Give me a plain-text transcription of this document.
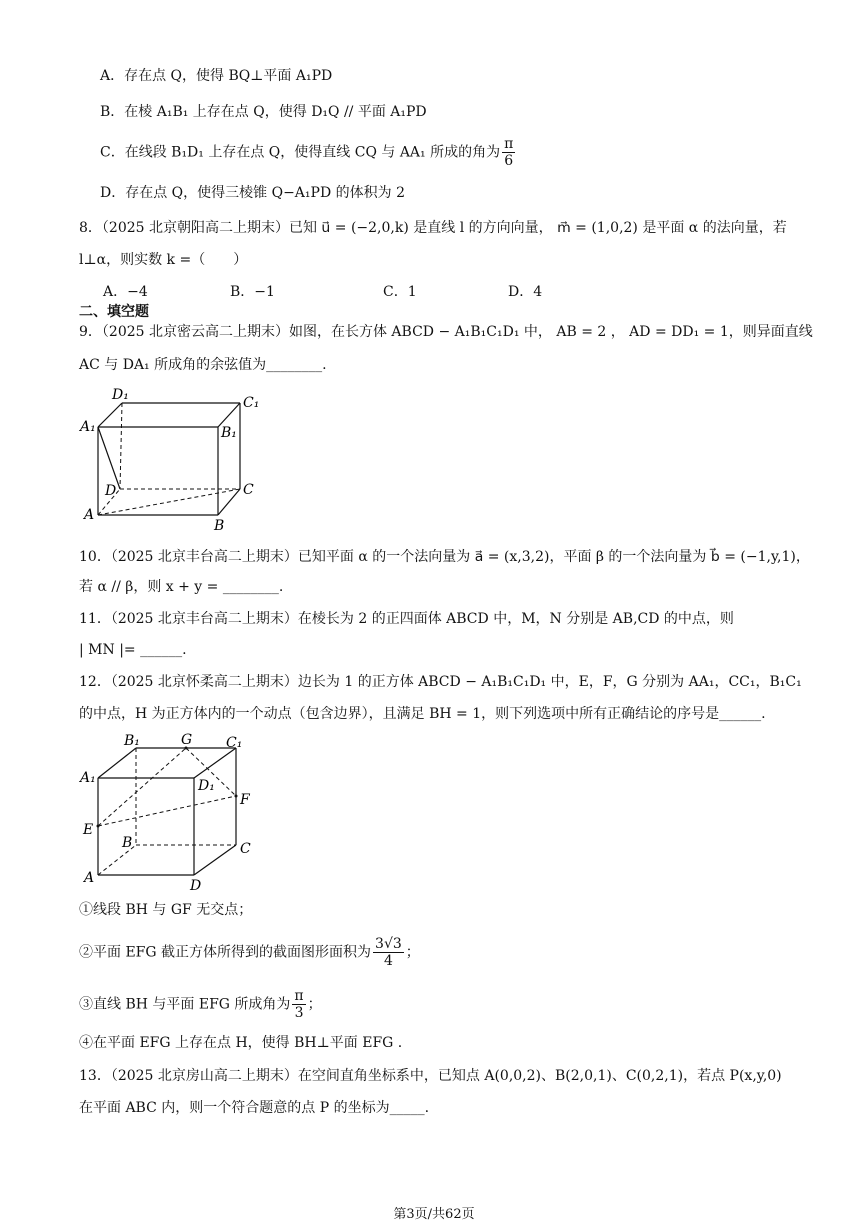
A．存在点 Q，使得 BQ⊥平面 A₁PD
B．在棱 A₁B₁ 上存在点 Q，使得 D₁Q // 平面 A₁PD
C．在线段 B₁D₁ 上存在点 Q，使得直线 CQ 与 AA₁ 所成的角为 $\frac{\pi}{6}$
D．存在点 Q，使得三棱锥 Q−A₁PD 的体积为 2
8．（2025 北京朝阳高二上期末）已知 u⃗ = (−2,0,k) 是直线 l 的方向向量， m⃗ = (1,0,2) 是平面 α 的法向量，若
l⊥α，则实数 k =（　　）
A．−4	B．−1	C．1	D．4
二、填空题
9．（2025 北京密云高二上期末）如图，在长方体 ABCD − A₁B₁C₁D₁ 中， AB = 2 ， AD = DD₁ = 1，则异面直线
AC 与 DA₁ 所成角的余弦值为________.
D₁	C₁
A₁	B₁
D	C
A
B
10．（2025 北京丰台高二上期末）已知平面 α 的一个法向量为 a⃗ = (x,3,2)，平面 β 的一个法向量为 b⃗ = (−1,y,1)，
若 α // β，则 x + y = ________.
11．（2025 北京丰台高二上期末）在棱长为 2 的正四面体 ABCD 中，M，N 分别是 AB,CD 的中点，则
| MN |= ______.
12．（2025 北京怀柔高二上期末）边长为 1 的正方体 ABCD − A₁B₁C₁D₁ 中，E，F，G 分别为 AA₁，CC₁，B₁C₁
的中点，H 为正方体内的一个动点（包含边界），且满足 BH = 1，则下列选项中所有正确结论的序号是______.
B₁	G C₁
A₁	D₁
F
E
B	C
A	D
①线段 BH 与 GF 无交点；
②平面 EFG 截正方体所得到的截面图形面积为 $\frac{3√3}{4}$ ；
③直线 BH 与平面 EFG 所成角为 $\frac{\pi}{3}$ ；
④在平面 EFG 上存在点 H，使得 BH⊥平面 EFG .
13．（2025 北京房山高二上期末）在空间直角坐标系中，已知点 A(0,0,2)、B(2,0,1)、C(0,2,1)，若点 P(x,y,0)
在平面 ABC 内，则一个符合题意的点 P 的坐标为_____.
第3页/共62页
